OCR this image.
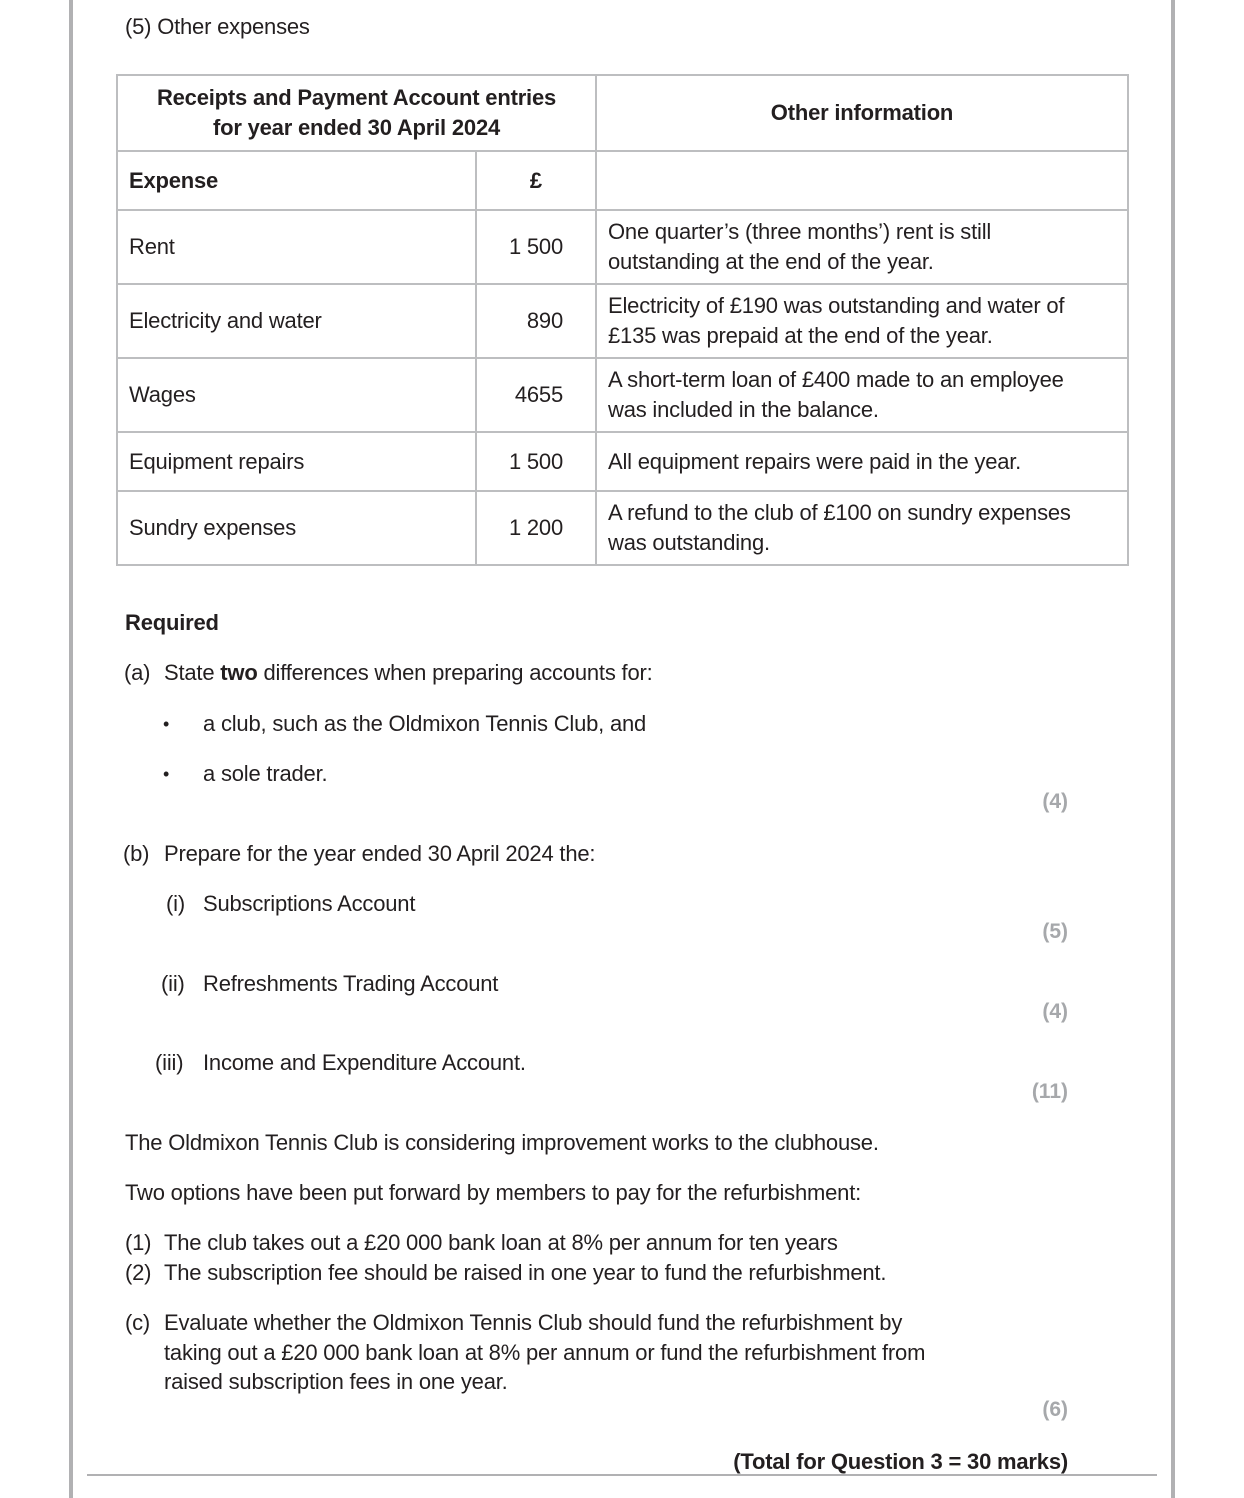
(5) Other expenses
Receipts and Payment Account entries
for year ended 30 April 2024		Other information
Expense	£	
Rent	1 500	One quarter’s (three months’) rent is still
outstanding at the end of the year.

Electricity and water	890	Electricity of £190 was outstanding and water of
£135 was prepaid at the end of the year.

Wages	4655	A short-term loan of £400 made to an employee
was included in the balance.

Equipment repairs	1 500	All equipment repairs were paid in the year.

Sundry expenses	1 200	A refund to the club of £100 on sundry expenses
was outstanding.
Required
(a) State two differences when preparing accounts for:
• a club, such as the Oldmixon Tennis Club, and
• a sole trader.
(4)
(b) Prepare for the year ended 30 April 2024 the:
(i) Subscriptions Account
(5)
(ii) Refreshments Trading Account
(4)
(iii) Income and Expenditure Account.
(11)
The Oldmixon Tennis Club is considering improvement works to the clubhouse.
Two options have been put forward by members to pay for the refurbishment:
(1) The club takes out a £20 000 bank loan at 8% per annum for ten years
(2) The subscription fee should be raised in one year to fund the refurbishment.
(c) Evaluate whether the Oldmixon Tennis Club should fund the refurbishment by
taking out a £20 000 bank loan at 8% per annum or fund the refurbishment from
raised subscription fees in one year.
(6)
(Total for Question 3 = 30 marks)
